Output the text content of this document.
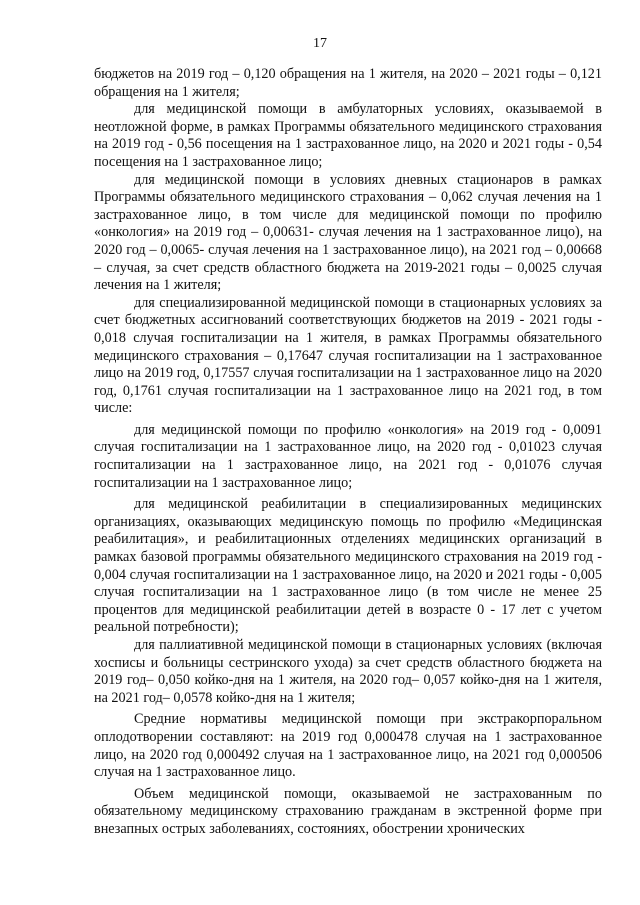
17

бюджетов на 2019 год – 0,120 обращения на 1 жителя, на 2020 – 2021 годы – 0,121 обращения на 1 жителя;

для медицинской помощи в амбулаторных условиях, оказываемой в неотложной форме, в рамках Программы обязательного медицинского страхования на 2019 год - 0,56 посещения на 1 застрахованное лицо, на 2020 и 2021 годы - 0,54 посещения на 1 застрахованное лицо;

для медицинской помощи в условиях дневных стационаров в рамках Программы обязательного медицинского страхования – 0,062 случая лечения на 1 застрахованное лицо, в том числе для медицинской помощи по профилю «онкология» на 2019 год – 0,00631- случая лечения на 1 застрахованное лицо), на 2020 год – 0,0065- случая лечения на 1 застрахованное лицо), на 2021 год – 0,00668 – случая, за счет средств областного бюджета на 2019-2021 годы – 0,0025 случая лечения на 1 жителя;

для специализированной медицинской помощи в стационарных условиях за счет бюджетных ассигнований соответствующих бюджетов на 2019 - 2021 годы - 0,018 случая госпитализации на 1 жителя, в рамках Программы обязательного медицинского страхования – 0,17647 случая госпитализации на 1 застрахованное лицо на 2019 год, 0,17557 случая госпитализации на 1 застрахованное лицо на 2020 год, 0,1761 случая госпитализации на 1 застрахованное лицо на 2021 год, в том числе:

для медицинской помощи по профилю «онкология» на 2019 год - 0,0091 случая госпитализации на 1 застрахованное лицо, на 2020 год - 0,01023 случая госпитализации на 1 застрахованное лицо, на 2021 год - 0,01076 случая госпитализации на 1 застрахованное лицо;

для медицинской реабилитации в специализированных медицинских организациях, оказывающих медицинскую помощь по профилю «Медицинская реабилитация», и реабилитационных отделениях медицинских организаций в рамках базовой программы обязательного медицинского страхования на 2019 год - 0,004 случая госпитализации на 1 застрахованное лицо, на 2020 и 2021 годы - 0,005 случая госпитализации на 1 застрахованное лицо (в том числе не менее 25 процентов для медицинской реабилитации детей в возрасте 0 - 17 лет с учетом реальной потребности);

для паллиативной медицинской помощи в стационарных условиях (включая хосписы и больницы сестринского ухода) за счет средств областного бюджета на 2019 год– 0,050 койко-дня на 1 жителя, на 2020 год– 0,057 койко-дня на 1 жителя, на 2021 год– 0,0578 койко-дня на 1 жителя;

Средние нормативы медицинской помощи при экстракорпоральном оплодотворении составляют: на 2019 год 0,000478 случая на 1 застрахованное лицо, на 2020 год 0,000492 случая на 1 застрахованное лицо, на 2021 год 0,000506 случая на 1 застрахованное лицо.

Объем медицинской помощи, оказываемой не застрахованным по обязательному медицинскому страхованию гражданам в экстренной форме при внезапных острых заболеваниях, состояниях, обострении хронических
